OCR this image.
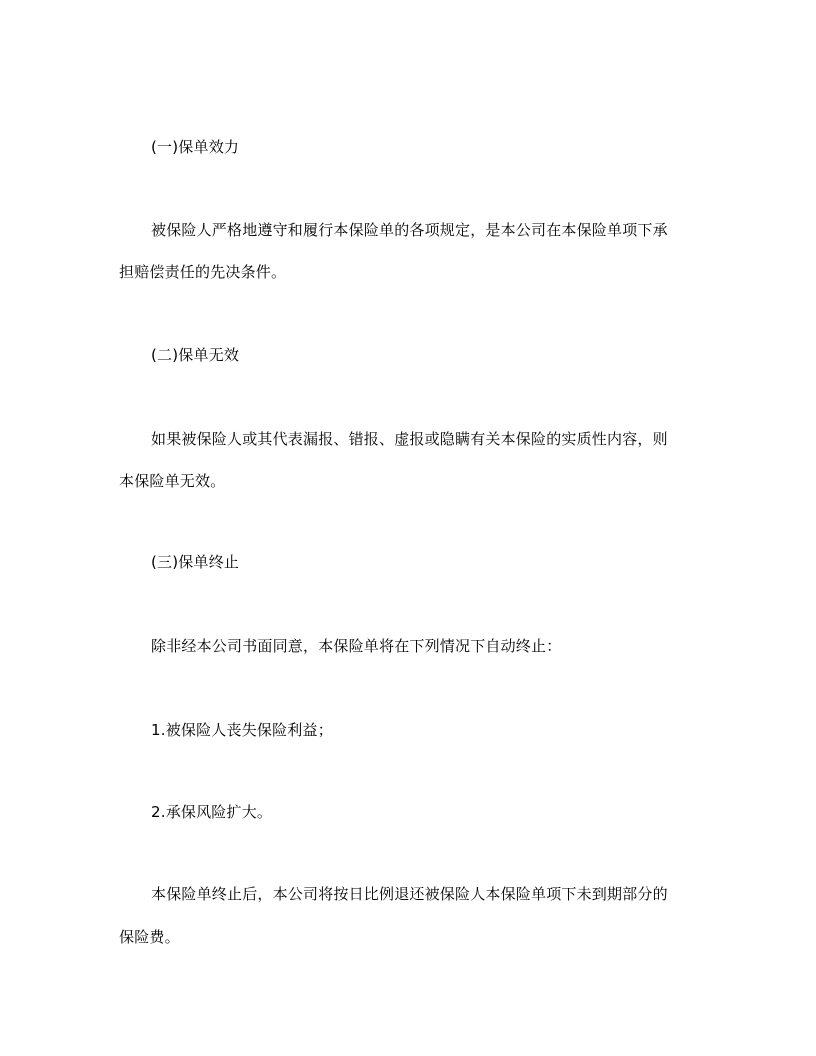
(一)保单效力
被保险人严格地遵守和履行本保险单的各项规定，是本公司在本保险单项下承
担赔偿责任的先决条件。
(二)保单无效
如果被保险人或其代表漏报、错报、虚报或隐瞒有关本保险的实质性内容，则
本保险单无效。
(三)保单终止
除非经本公司书面同意，本保险单将在下列情况下自动终止：
1.被保险人丧失保险利益；
2.承保风险扩大。
本保险单终止后，本公司将按日比例退还被保险人本保险单项下未到期部分的
保险费。
